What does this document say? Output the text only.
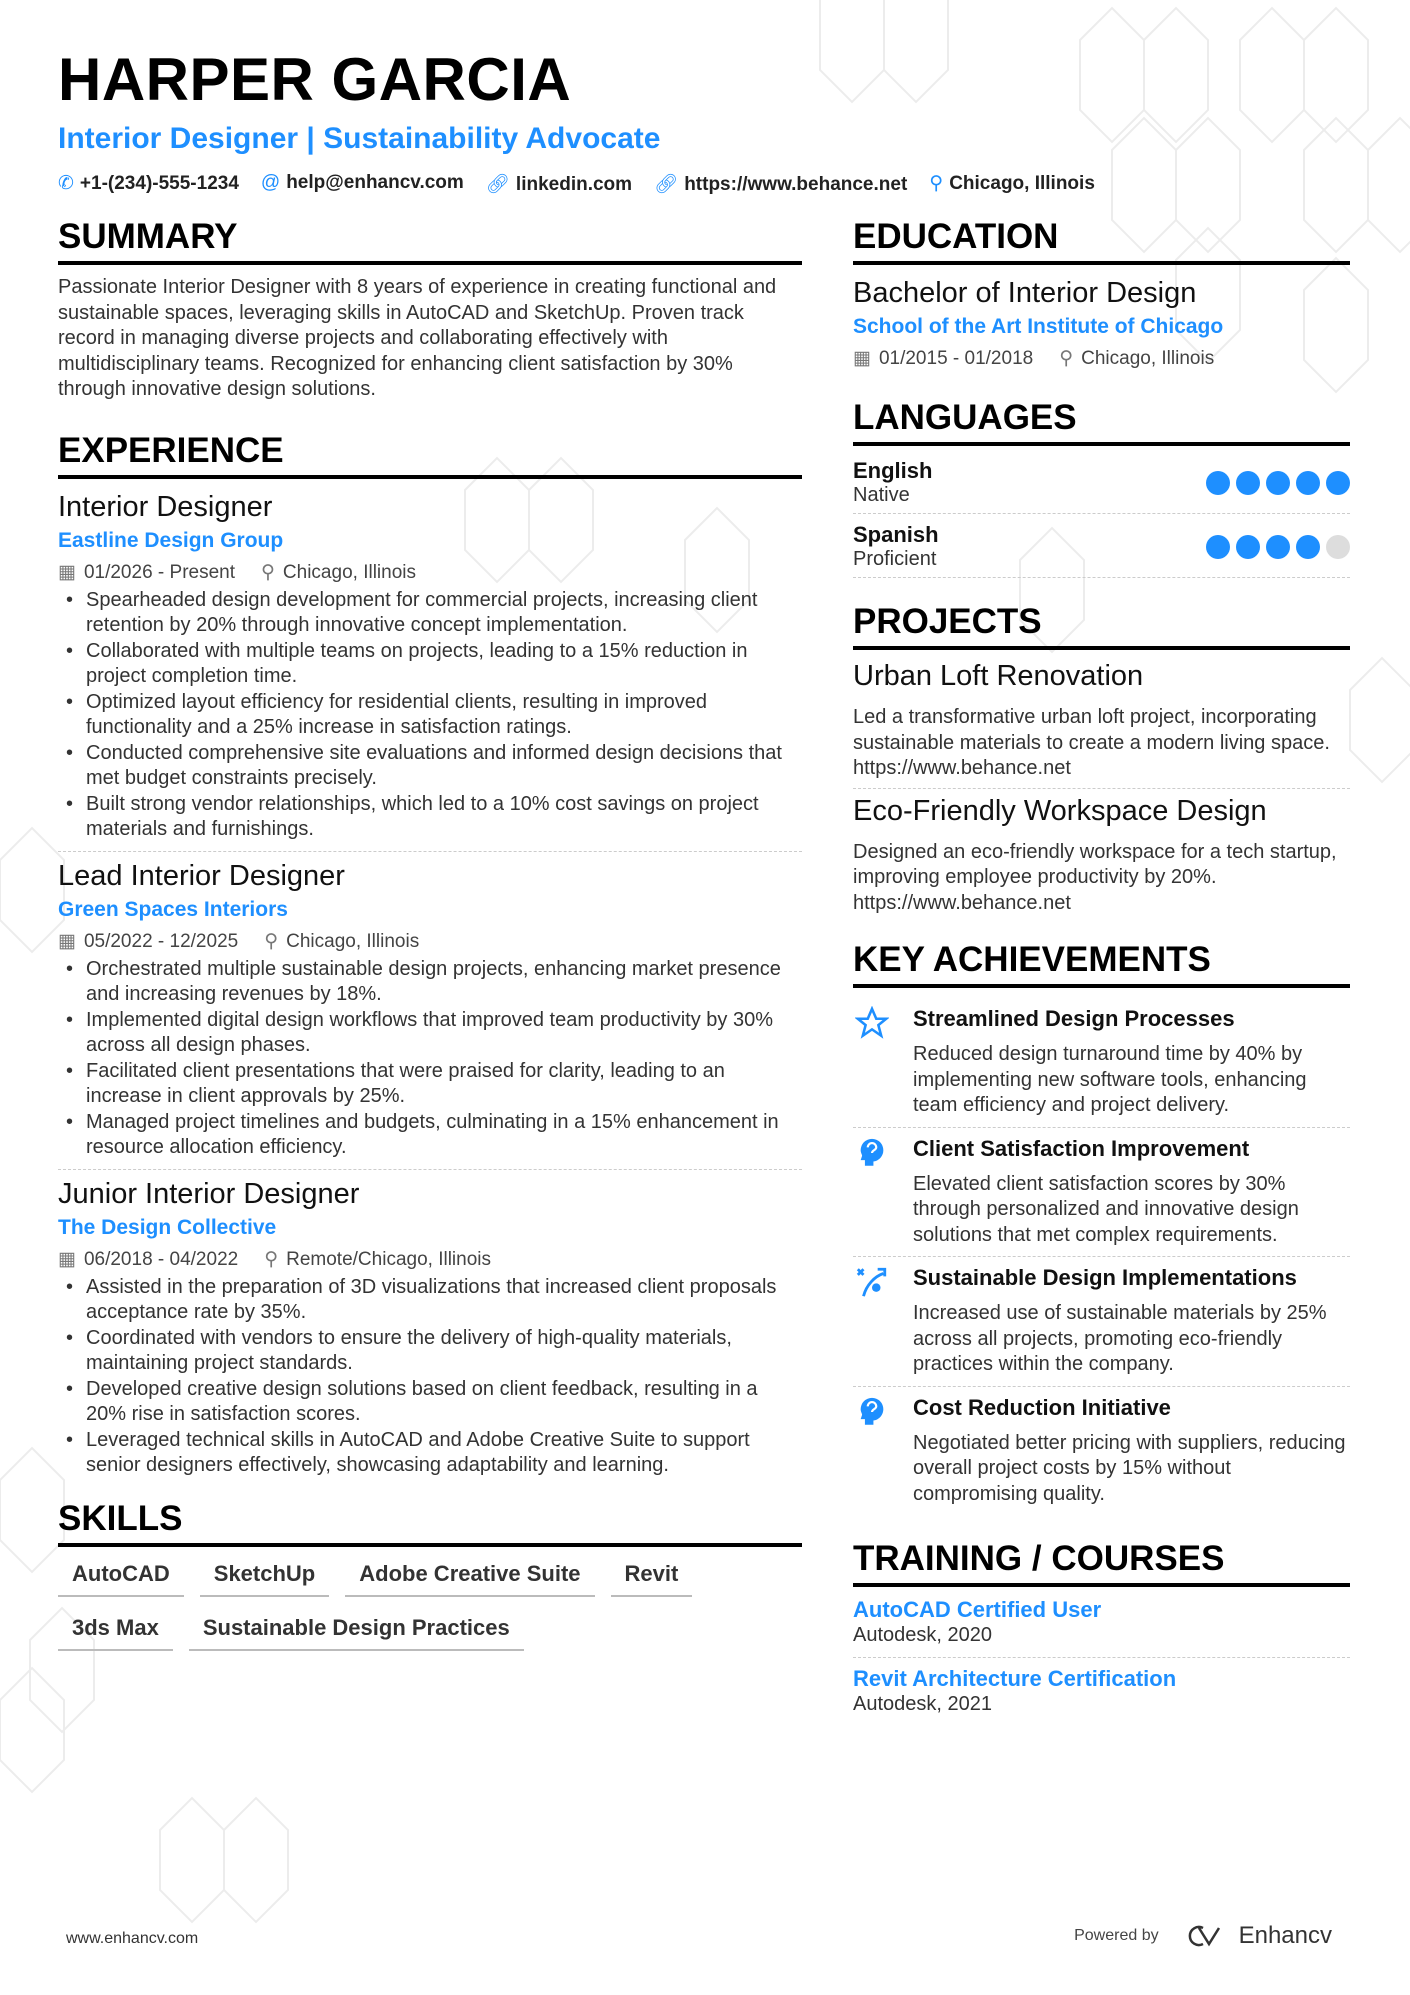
HARPER GARCIA
Interior Designer | Sustainability Advocate
✆ +1-(234)-555-1234 @ help@enhancv.com 🔗︎ linkedin.com 🔗︎ https://www.behance.net ⚲ Chicago, Illinois
SUMMARY

Passionate Interior Designer with 8 years of experience in creating functional and sustainable spaces, leveraging skills in AutoCAD and SketchUp. Proven track record in managing diverse projects and collaborating effectively with multidisciplinary teams. Recognized for enhancing client satisfaction by 30% through innovative design solutions.

EXPERIENCE
Interior Designer
Eastline Design Group
▦ 01/2026 - Present ⚲ Chicago, Illinois
• Spearheaded design development for commercial projects, increasing client retention by 20% through innovative concept implementation.
• Collaborated with multiple teams on projects, leading to a 15% reduction in project completion time.
• Optimized layout efficiency for residential clients, resulting in improved functionality and a 25% increase in satisfaction ratings.
• Conducted comprehensive site evaluations and informed design decisions that met budget constraints precisely.
• Built strong vendor relationships, which led to a 10% cost savings on project materials and furnishings.
Lead Interior Designer
Green Spaces Interiors
▦ 05/2022 - 12/2025 ⚲ Chicago, Illinois
• Orchestrated multiple sustainable design projects, enhancing market presence and increasing revenues by 18%.
• Implemented digital design workflows that improved team productivity by 30% across all design phases.
• Facilitated client presentations that were praised for clarity, leading to an increase in client approvals by 25%.
• Managed project timelines and budgets, culminating in a 15% enhancement in resource allocation efficiency.
Junior Interior Designer
The Design Collective
▦ 06/2018 - 04/2022 ⚲ Remote/Chicago, Illinois
• Assisted in the preparation of 3D visualizations that increased client proposals acceptance rate by 35%.
• Coordinated with vendors to ensure the delivery of high-quality materials, maintaining project standards.
• Developed creative design solutions based on client feedback, resulting in a 20% rise in satisfaction scores.
• Leveraged technical skills in AutoCAD and Adobe Creative Suite to support senior designers effectively, showcasing adaptability and learning.
SKILLS
AutoCAD	SketchUp	Adobe Creative Suite	Revit
3ds Max	Sustainable Design Practices
EDUCATION
Bachelor of Interior Design
School of the Art Institute of Chicago
▦ 01/2015 - 01/2018 ⚲ Chicago, Illinois
LANGUAGES
English
Native
Spanish
Proficient
PROJECTS
Urban Loft Renovation
Led a transformative urban loft project, incorporating sustainable materials to create a modern living space. https://www.behance.net
Eco-Friendly Workspace Design
Designed an eco-friendly workspace for a tech startup, improving employee productivity by 20%. https://www.behance.net
KEY ACHIEVEMENTS
Streamlined Design Processes
Reduced design turnaround time by 40% by implementing new software tools, enhancing team efficiency and project delivery.
Client Satisfaction Improvement
Elevated client satisfaction scores by 30% through personalized and innovative design solutions that met complex requirements.
Sustainable Design Implementations
Increased use of sustainable materials by 25% across all projects, promoting eco-friendly practices within the company.
Cost Reduction Initiative
Negotiated better pricing with suppliers, reducing overall project costs by 15% without compromising quality.
TRAINING / COURSES
AutoCAD Certified User
Autodesk, 2020
Revit Architecture Certification
Autodesk, 2021
www.enhancv.com	Powered by	Enhancv
